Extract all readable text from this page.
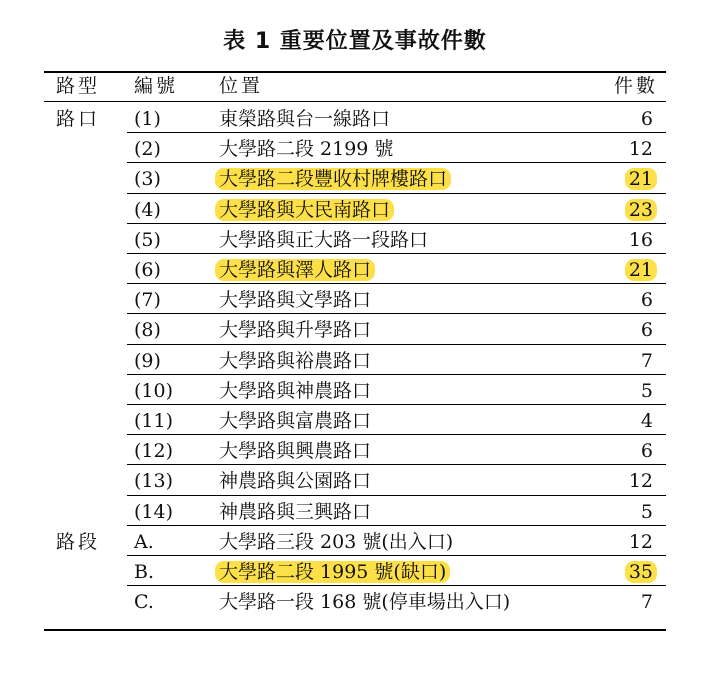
表 1 重要位置及事故件數
路型 編號 位置	件數
路口 (1)	東榮路與台一線路口	6
(2)	大學路二段 2199 號	12
(3)	大學路二段豐收村牌樓路口	21
(4)	大學路與大民南路口	23
(5)	大學路與正大路一段路口	16
(6)	大學路與澤人路口	21
(7)	大學路與文學路口	6
(8)	大學路與升學路口	6
(9)	大學路與裕農路口	7
(10) 大學路與神農路口	5
(11) 大學路與富農路口	4
(12) 大學路與興農路口	6
(13) 神農路與公園路口	12
(14) 神農路與三興路口	5
路段 A.	大學路三段 203 號(出入口)	12
B.	大學路二段 1995 號(缺口)	35
C.	大學路一段 168 號(停車場出入口)	7
